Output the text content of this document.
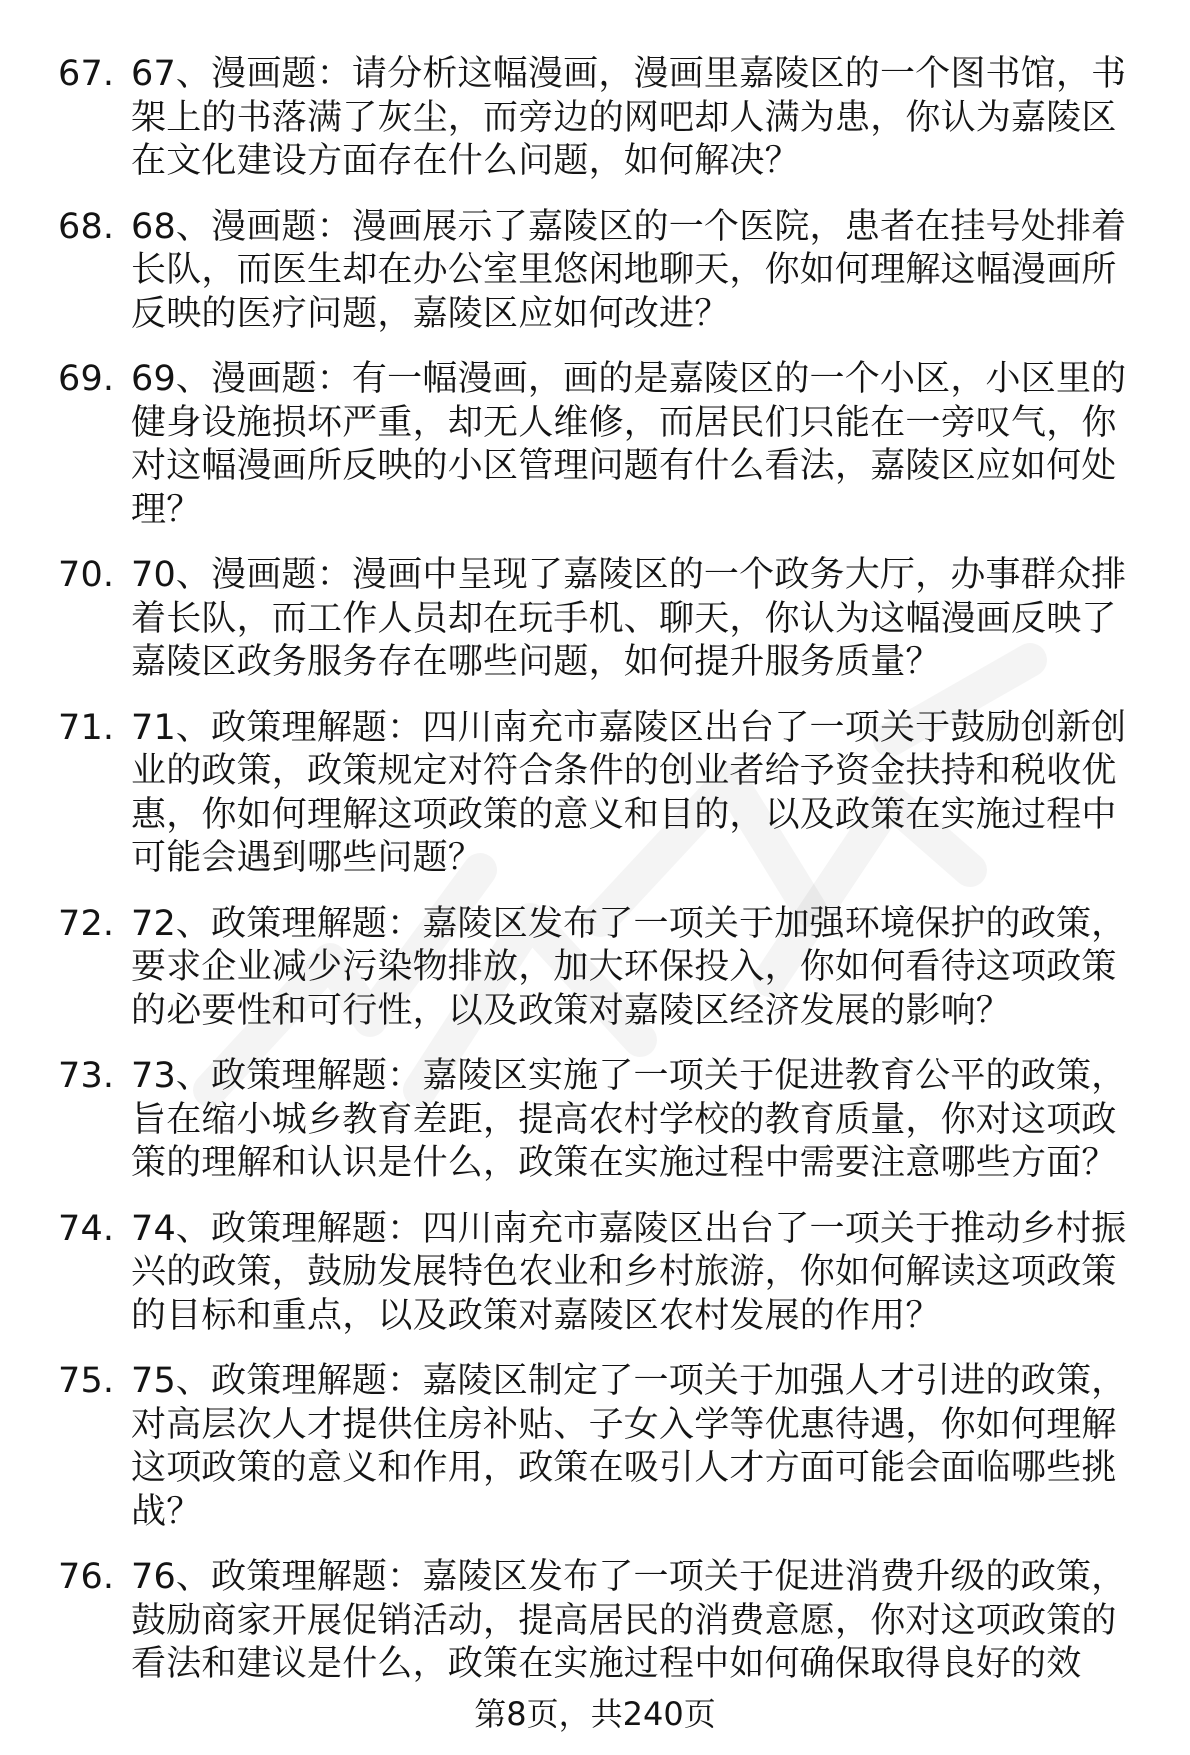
67. 67、漫画题：请分析这幅漫画，漫画里嘉陵区的一个图书馆，书架上的书落满了灰尘，而旁边的网吧却人满为患，你认为嘉陵区在文化建设方面存在什么问题，如何解决？
68. 68、漫画题：漫画展示了嘉陵区的一个医院，患者在挂号处排着长队，而医生却在办公室里悠闲地聊天，你如何理解这幅漫画所反映的医疗问题，嘉陵区应如何改进？
69. 69、漫画题：有一幅漫画，画的是嘉陵区的一个小区，小区里的健身设施损坏严重，却无人维修，而居民们只能在一旁叹气，你对这幅漫画所反映的小区管理问题有什么看法，嘉陵区应如何处理？
70. 70、漫画题：漫画中呈现了嘉陵区的一个政务大厅，办事群众排着长队，而工作人员却在玩手机、聊天，你认为这幅漫画反映了嘉陵区政务服务存在哪些问题，如何提升服务质量？
71. 71、政策理解题：四川南充市嘉陵区出台了一项关于鼓励创新创业的政策，政策规定对符合条件的创业者给予资金扶持和税收优惠，你如何理解这项政策的意义和目的，以及政策在实施过程中可能会遇到哪些问题？
72. 72、政策理解题：嘉陵区发布了一项关于加强环境保护的政策，要求企业减少污染物排放，加大环保投入，你如何看待这项政策的必要性和可行性，以及政策对嘉陵区经济发展的影响？
73. 73、政策理解题：嘉陵区实施了一项关于促进教育公平的政策，旨在缩小城乡教育差距，提高农村学校的教育质量，你对这项政策的理解和认识是什么，政策在实施过程中需要注意哪些方面？
74. 74、政策理解题：四川南充市嘉陵区出台了一项关于推动乡村振兴的政策，鼓励发展特色农业和乡村旅游，你如何解读这项政策的目标和重点，以及政策对嘉陵区农村发展的作用？
75. 75、政策理解题：嘉陵区制定了一项关于加强人才引进的政策，对高层次人才提供住房补贴、子女入学等优惠待遇，你如何理解这项政策的意义和作用，政策在吸引人才方面可能会面临哪些挑战？
76. 76、政策理解题：嘉陵区发布了一项关于促进消费升级的政策，鼓励商家开展促销活动，提高居民的消费意愿，你对这项政策的看法和建议是什么，政策在实施过程中如何确保取得良好的效
第8页，共240页
